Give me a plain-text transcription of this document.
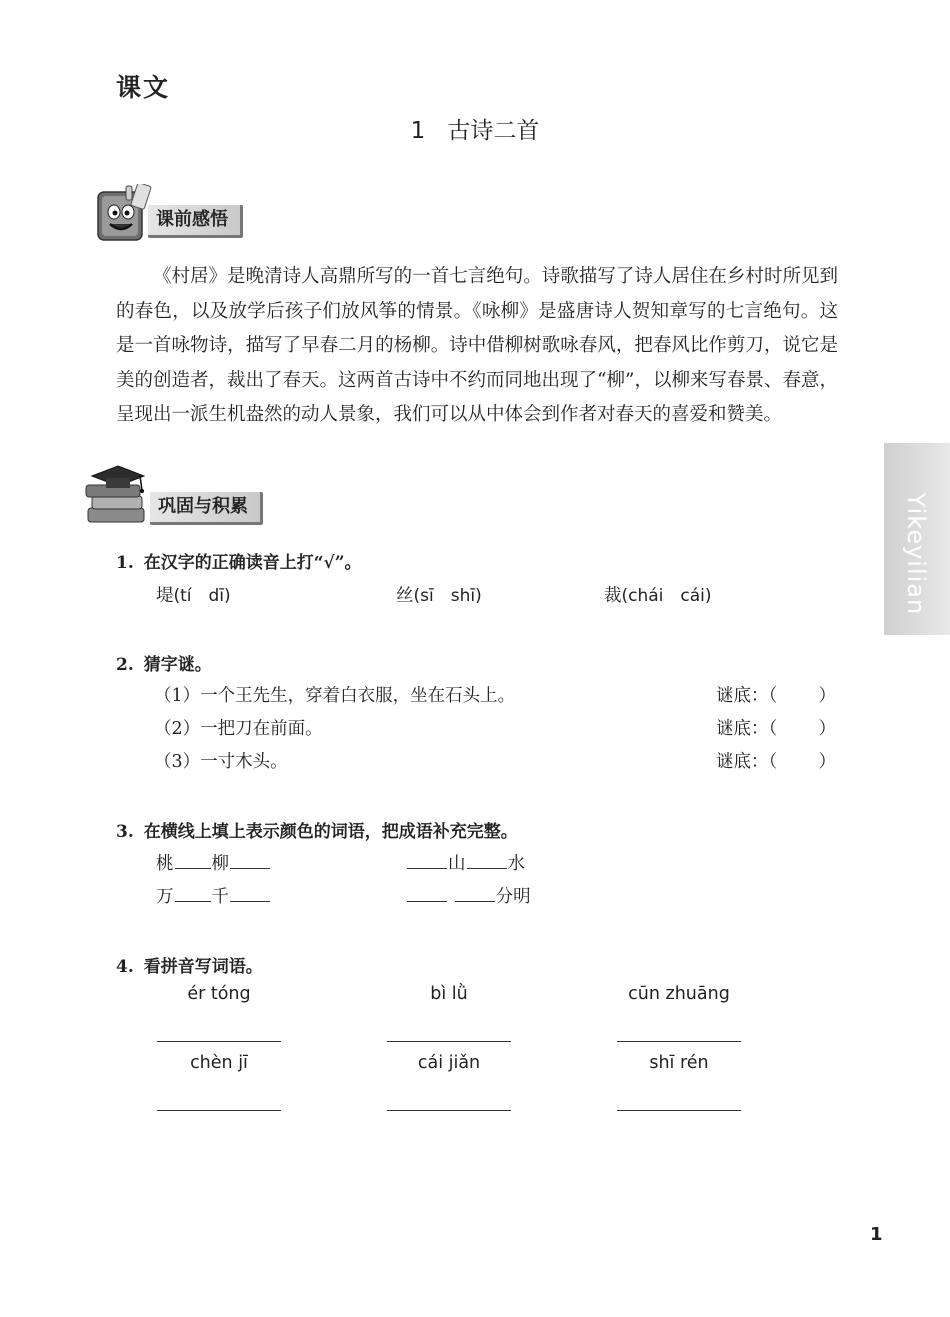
课文
1 古诗二首
课前感悟
《村居》是晚清诗人高鼎所写的一首七言绝句。诗歌描写了诗人居住在乡村时所见到的春色，以及放学后孩子们放风筝的情景。《咏柳》是盛唐诗人贺知章写的七言绝句。这是一首咏物诗，描写了早春二月的杨柳。诗中借柳树歌咏春风，把春风比作剪刀，说它是美的创造者，裁出了春天。这两首古诗中不约而同地出现了“柳”，以柳来写春景、春意，呈现出一派生机盎然的动人景象，我们可以从中体会到作者对春天的喜爱和赞美。
巩固与积累
1. 在汉字的正确读音上打“√”。
堤(tí　dī)	丝(sī　shī)	裁(chái　cái)
2. 猜字谜。
（1）一个王先生，穿着白衣服，坐在石头上。	谜底：（ ）
（2）一把刀在前面。	谜底：（ ）
（3）一寸木头。	谜底：（ ）
3. 在横线上填上表示颜色的词语，把成语补充完整。
桃 柳	山 水
万 千	分明
4. 看拼音写词语。
ér tóng	bì lǜ	cūn zhuāng
chèn jī	cái jiǎn	shī rén
Yikeyilian
1
